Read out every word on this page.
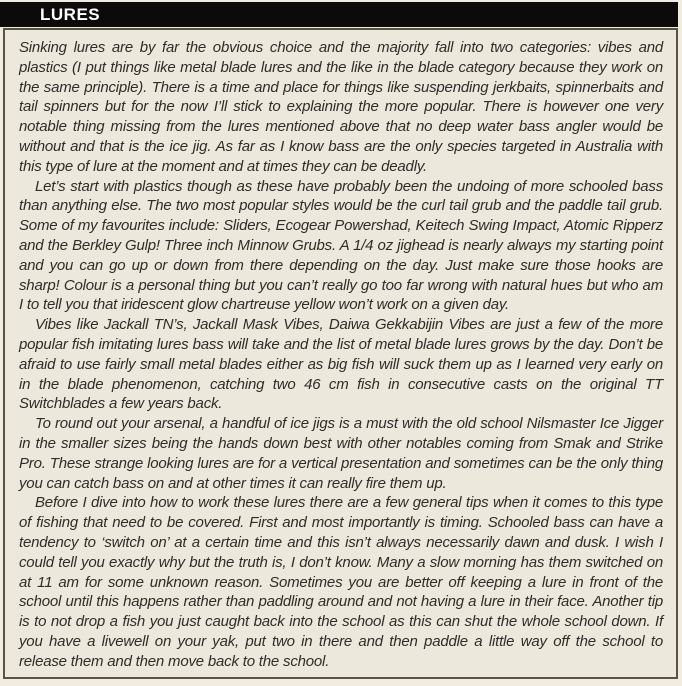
LURES

Sinking lures are by far the obvious choice and the majority fall into two categories: vibes and plastics (I put things like metal blade lures and the like in the blade category because they work on the same principle). There is a time and place for things like suspending jerkbaits, spinnerbaits and tail spinners but for the now I’ll stick to explaining the more popular. There is however one very notable thing missing from the lures mentioned above that no deep water bass angler would be without and that is the ice jig. As far as I know bass are the only species targeted in Australia with this type of lure at the moment and at times they can be deadly.

Let’s start with plastics though as these have probably been the undoing of more schooled bass than anything else. The two most popular styles would be the curl tail grub and the paddle tail grub. Some of my favourites include: Sliders, Ecogear Powershad, Keitech Swing Impact, Atomic Ripperz and the Berkley Gulp! Three inch Minnow Grubs. A 1/4 oz jighead is nearly always my starting point and you can go up or down from there depending on the day. Just make sure those hooks are sharp! Colour is a personal thing but you can’t really go too far wrong with natural hues but who am I to tell you that iridescent glow chartreuse yellow won’t work on a given day.

Vibes like Jackall TN’s, Jackall Mask Vibes, Daiwa Gekkabijin Vibes are just a few of the more popular fish imitating lures bass will take and the list of metal blade lures grows by the day. Don’t be afraid to use fairly small metal blades either as big fish will suck them up as I learned very early on in the blade phenomenon, catching two 46 cm fish in consecutive casts on the original TT Switchblades a few years back.

To round out your arsenal, a handful of ice jigs is a must with the old school Nilsmaster Ice Jigger in the smaller sizes being the hands down best with other notables coming from Smak and Strike Pro. These strange looking lures are for a vertical presentation and sometimes can be the only thing you can catch bass on and at other times it can really fire them up.

Before I dive into how to work these lures there are a few general tips when it comes to this type of fishing that need to be covered. First and most importantly is timing. Schooled bass can have a tendency to ‘switch on’ at a certain time and this isn’t always necessarily dawn and dusk. I wish I could tell you exactly why but the truth is, I don’t know. Many a slow morning has them switched on at 11 am for some unknown reason. Sometimes you are better off keeping a lure in front of the school until this happens rather than paddling around and not having a lure in their face. Another tip is to not drop a fish you just caught back into the school as this can shut the whole school down. If you have a livewell on your yak, put two in there and then paddle a little way off the school to release them and then move back to the school.
